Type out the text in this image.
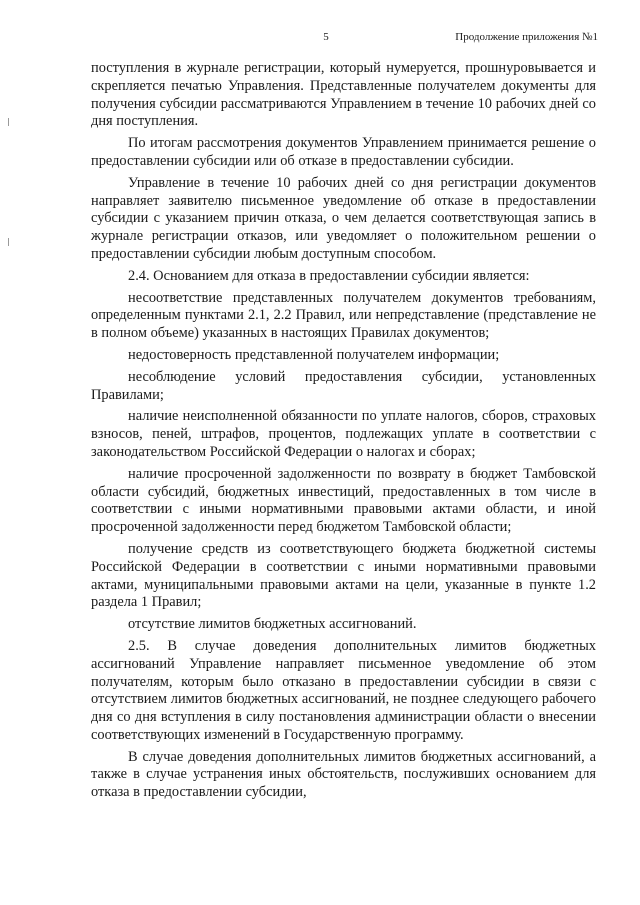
5	Продолжение приложения №1

поступления в журнале регистрации, который нумеруется, прошнуровывается и скрепляется печатью Управления. Представленные получателем документы для получения субсидии рассматриваются Управлением в течение 10 рабочих дней со дня поступления.

По итогам рассмотрения документов Управлением принимается решение о предоставлении субсидии или об отказе в предоставлении субсидии.

Управление в течение 10 рабочих дней со дня регистрации документов направляет заявителю письменное уведомление об отказе в предоставлении субсидии с указанием причин отказа, о чем делается соответствующая запись в журнале регистрации отказов, или уведомляет о положительном решении о предоставлении субсидии любым доступным способом.

2.4. Основанием для отказа в предоставлении субсидии является:

несоответствие представленных получателем документов требованиям, определенным пунктами 2.1, 2.2 Правил, или непредставление (представление не в полном объеме) указанных в настоящих Правилах документов;

недостоверность представленной получателем информации;

несоблюдение условий предоставления субсидии, установленных Правилами;

наличие неисполненной обязанности по уплате налогов, сборов, страховых взносов, пеней, штрафов, процентов, подлежащих уплате в соответствии с законодательством Российской Федерации о налогах и сборах;

наличие просроченной задолженности по возврату в бюджет Тамбовской области субсидий, бюджетных инвестиций, предоставленных в том числе в соответствии с иными нормативными правовыми актами области, и иной просроченной задолженности перед бюджетом Тамбовской области;

получение средств из соответствующего бюджета бюджетной системы Российской Федерации в соответствии с иными нормативными правовыми актами, муниципальными правовыми актами на цели, указанные в пункте 1.2 раздела 1 Правил;

отсутствие лимитов бюджетных ассигнований.

2.5. В случае доведения дополнительных лимитов бюджетных ассигнований Управление направляет письменное уведомление об этом получателям, которым было отказано в предоставлении субсидии в связи с отсутствием лимитов бюджетных ассигнований, не позднее следующего рабочего дня со дня вступления в силу постановления администрации области о внесении соответствующих изменений в Государственную программу.

В случае доведения дополнительных лимитов бюджетных ассигнований, а также в случае устранения иных обстоятельств, послуживших основанием для отказа в предоставлении субсидии,
